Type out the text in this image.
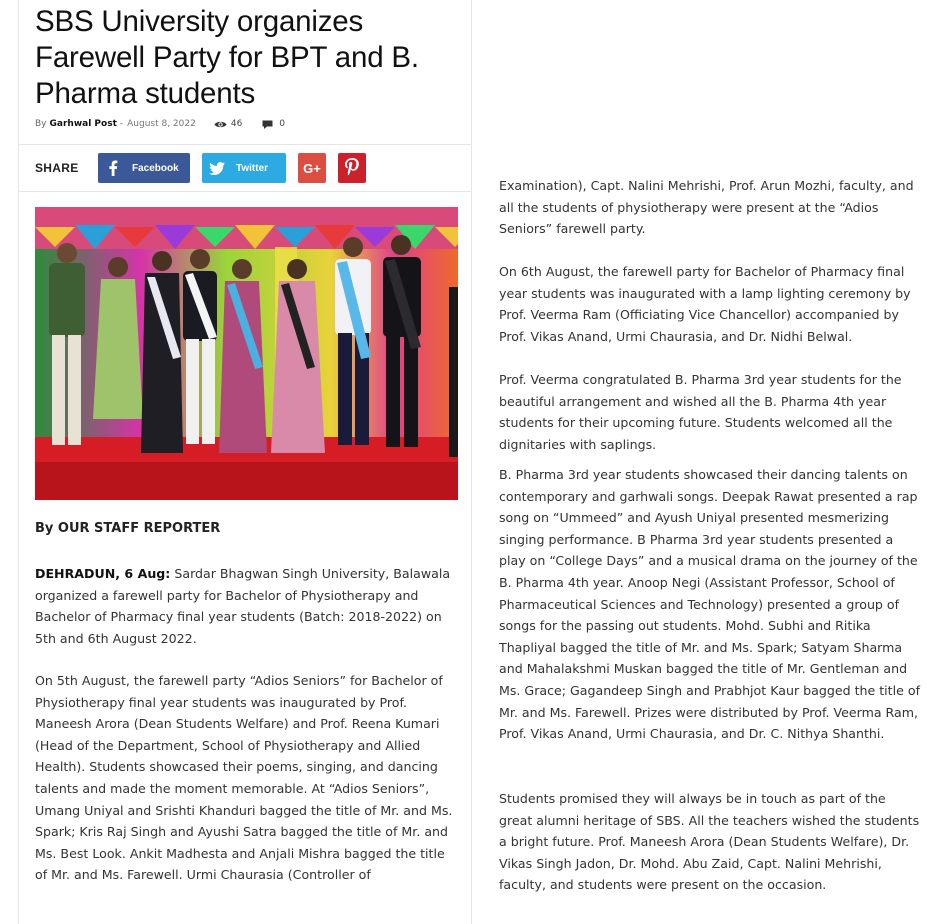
SBS University organizes Farewell Party for BPT and B. Pharma students
By Garhwal Post - August 8, 2022	46	0
SHARE	Facebook	Twitter	G+
By OUR STAFF REPORTER

DEHRADUN, 6 Aug: Sardar Bhagwan Singh University, Balawala organized a farewell party for Bachelor of Physiotherapy and Bachelor of Pharmacy final year students (Batch: 2018-2022) on 5th and 6th August 2022.

On 5th August, the farewell party “Adios Seniors” for Bachelor of Physiotherapy final year students was inaugurated by Prof. Maneesh Arora (Dean Students Welfare) and Prof. Reena Kumari (Head of the Department, School of Physiotherapy and Allied Health). Students showcased their poems, singing, and dancing talents and made the moment memorable. At “Adios Seniors”, Umang Uniyal and Srishti Khanduri bagged the title of Mr. and Ms. Spark; Kris Raj Singh and Ayushi Satra bagged the title of Mr. and Ms. Best Look. Ankit Madhesta and Anjali Mishra bagged the title of Mr. and Ms. Farewell. Urmi Chaurasia (Controller of

Examination), Capt. Nalini Mehrishi, Prof. Arun Mozhi, faculty, and all the students of physiotherapy were present at the “Adios Seniors” farewell party.

On 6th August, the farewell party for Bachelor of Pharmacy final year students was inaugurated with a lamp lighting ceremony by Prof. Veerma Ram (Officiating Vice Chancellor) accompanied by Prof. Vikas Anand, Urmi Chaurasia, and Dr. Nidhi Belwal.

Prof. Veerma congratulated B. Pharma 3rd year students for the beautiful arrangement and wished all the B. Pharma 4th year students for their upcoming future. Students welcomed all the dignitaries with saplings.

B. Pharma 3rd year students showcased their dancing talents on contemporary and garhwali songs. Deepak Rawat presented a rap song on “Ummeed” and Ayush Uniyal presented mesmerizing singing performance. B Pharma 3rd year students presented a play on “College Days” and a musical drama on the journey of the B. Pharma 4th year. Anoop Negi (Assistant Professor, School of Pharmaceutical Sciences and Technology) presented a group of songs for the passing out students. Mohd. Subhi and Ritika Thapliyal bagged the title of Mr. and Ms. Spark; Satyam Sharma and Mahalakshmi Muskan bagged the title of Mr. Gentleman and Ms. Grace; Gagandeep Singh and Prabhjot Kaur bagged the title of Mr. and Ms. Farewell. Prizes were distributed by Prof. Veerma Ram, Prof. Vikas Anand, Urmi Chaurasia, and Dr. C. Nithya Shanthi.

Students promised they will always be in touch as part of the great alumni heritage of SBS. All the teachers wished the students a bright future. Prof. Maneesh Arora (Dean Students Welfare), Dr. Vikas Singh Jadon, Dr. Mohd. Abu Zaid, Capt. Nalini Mehrishi, faculty, and students were present on the occasion.
